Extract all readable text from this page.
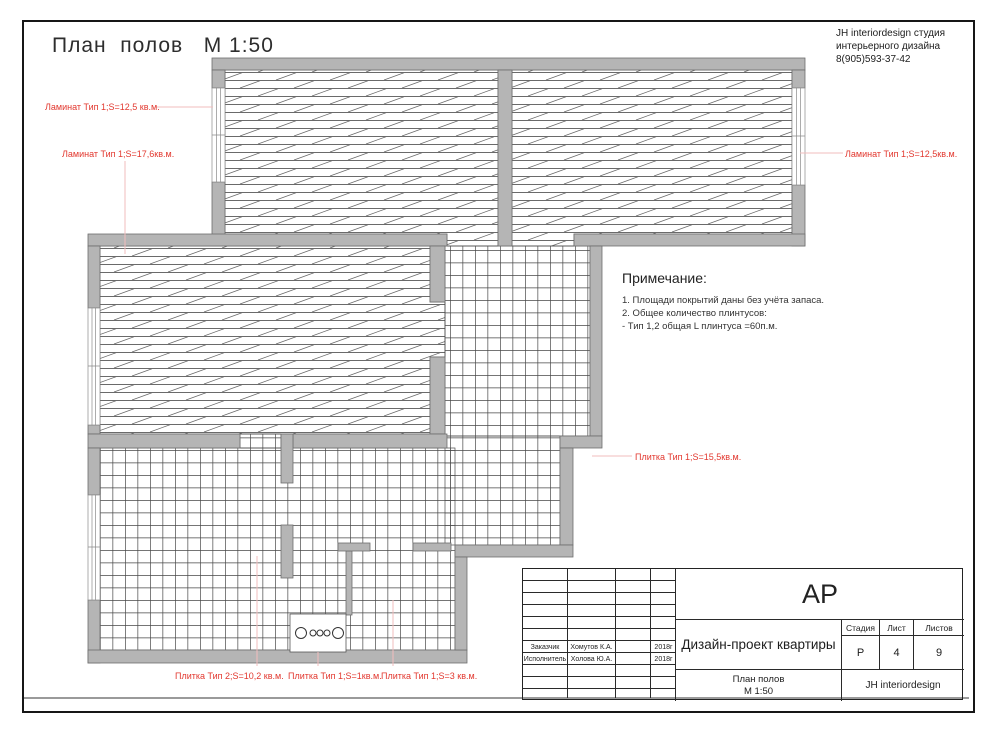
План  полов   М 1:50
JH interiordesign студия
интерьерного дизайна
8(905)593-37-42
Ламинат Тип 1;S=12,5 кв.м.
Ламинат Тип 1;S=17,6кв.м.	Ламинат Тип 1;S=12,5кв.м.
Плитка Тип 1;S=15,5кв.м.
Плитка Тип 2;S=10,2 кв.м. Плитка Тип 1;S=1кв.м. Плитка Тип 1;S=3 кв.м.
Примечание:
1. Площади покрытий даны без учёта запаса.
2. Общее количество плинтусов:
- Тип 1,2 общая L плинтуса =60п.м.
Заказчик	Хомутов К.А.	2018г
Исполнитель Холова Ю.А.	2018г
АР
Дизайн-проект квартиры
Стадия	Лист	Листов
Р	4	9
План полов
М 1:50	JH interiordesign
